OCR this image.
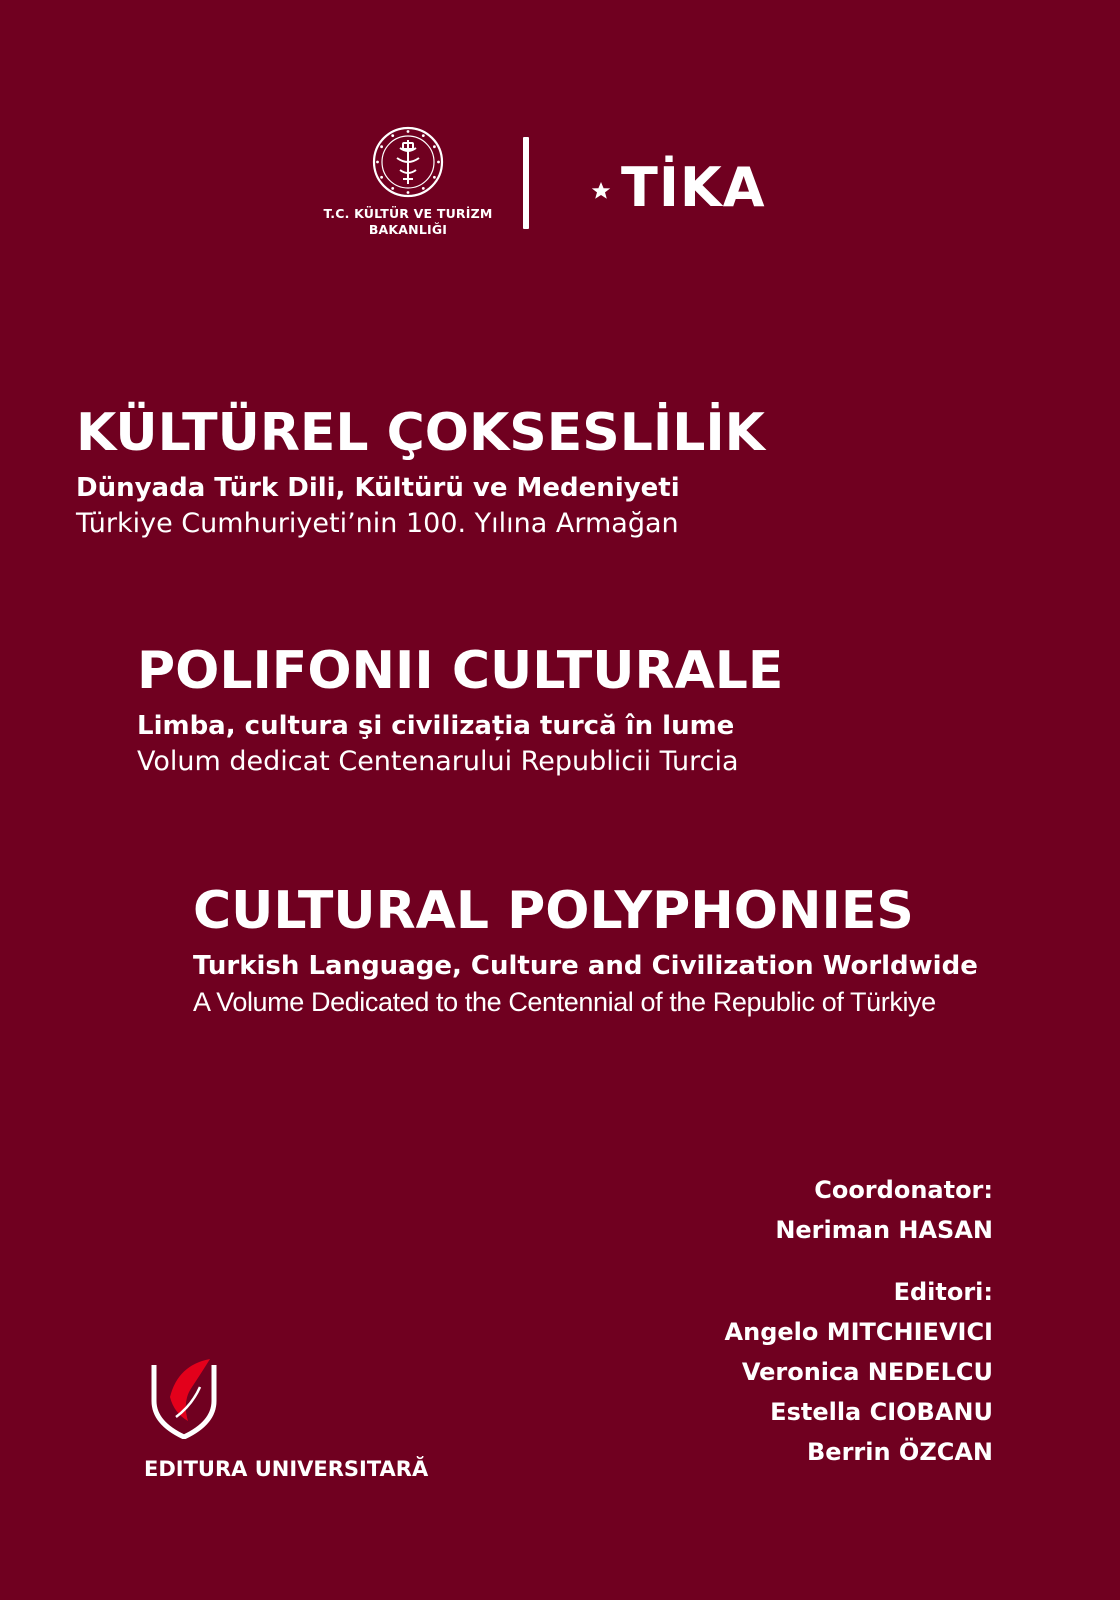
T.C. KÜLTÜR VE TURİZM
BAKANLIĞI
TİKA
KÜLTÜREL ÇOKSESLİLİK
Dünyada Türk Dili, Kültürü ve Medeniyeti
Türkiye Cumhuriyeti’nin 100. Yılına Armağan
POLIFONII CULTURALE
Limba, cultura şi civilizația turcă în lume
Volum dedicat Centenarului Republicii Turcia
CULTURAL POLYPHONIES
Turkish Language, Culture and Civilization Worldwide
A Volume Dedicated to the Centennial of the Republic of Türkiye
Coordonator:
Neriman HASAN
Editori:
Angelo MITCHIEVICI
Veronica NEDELCU
Estella CIOBANU
Berrin ÖZCAN
EDITURA UNIVERSITARĂ
